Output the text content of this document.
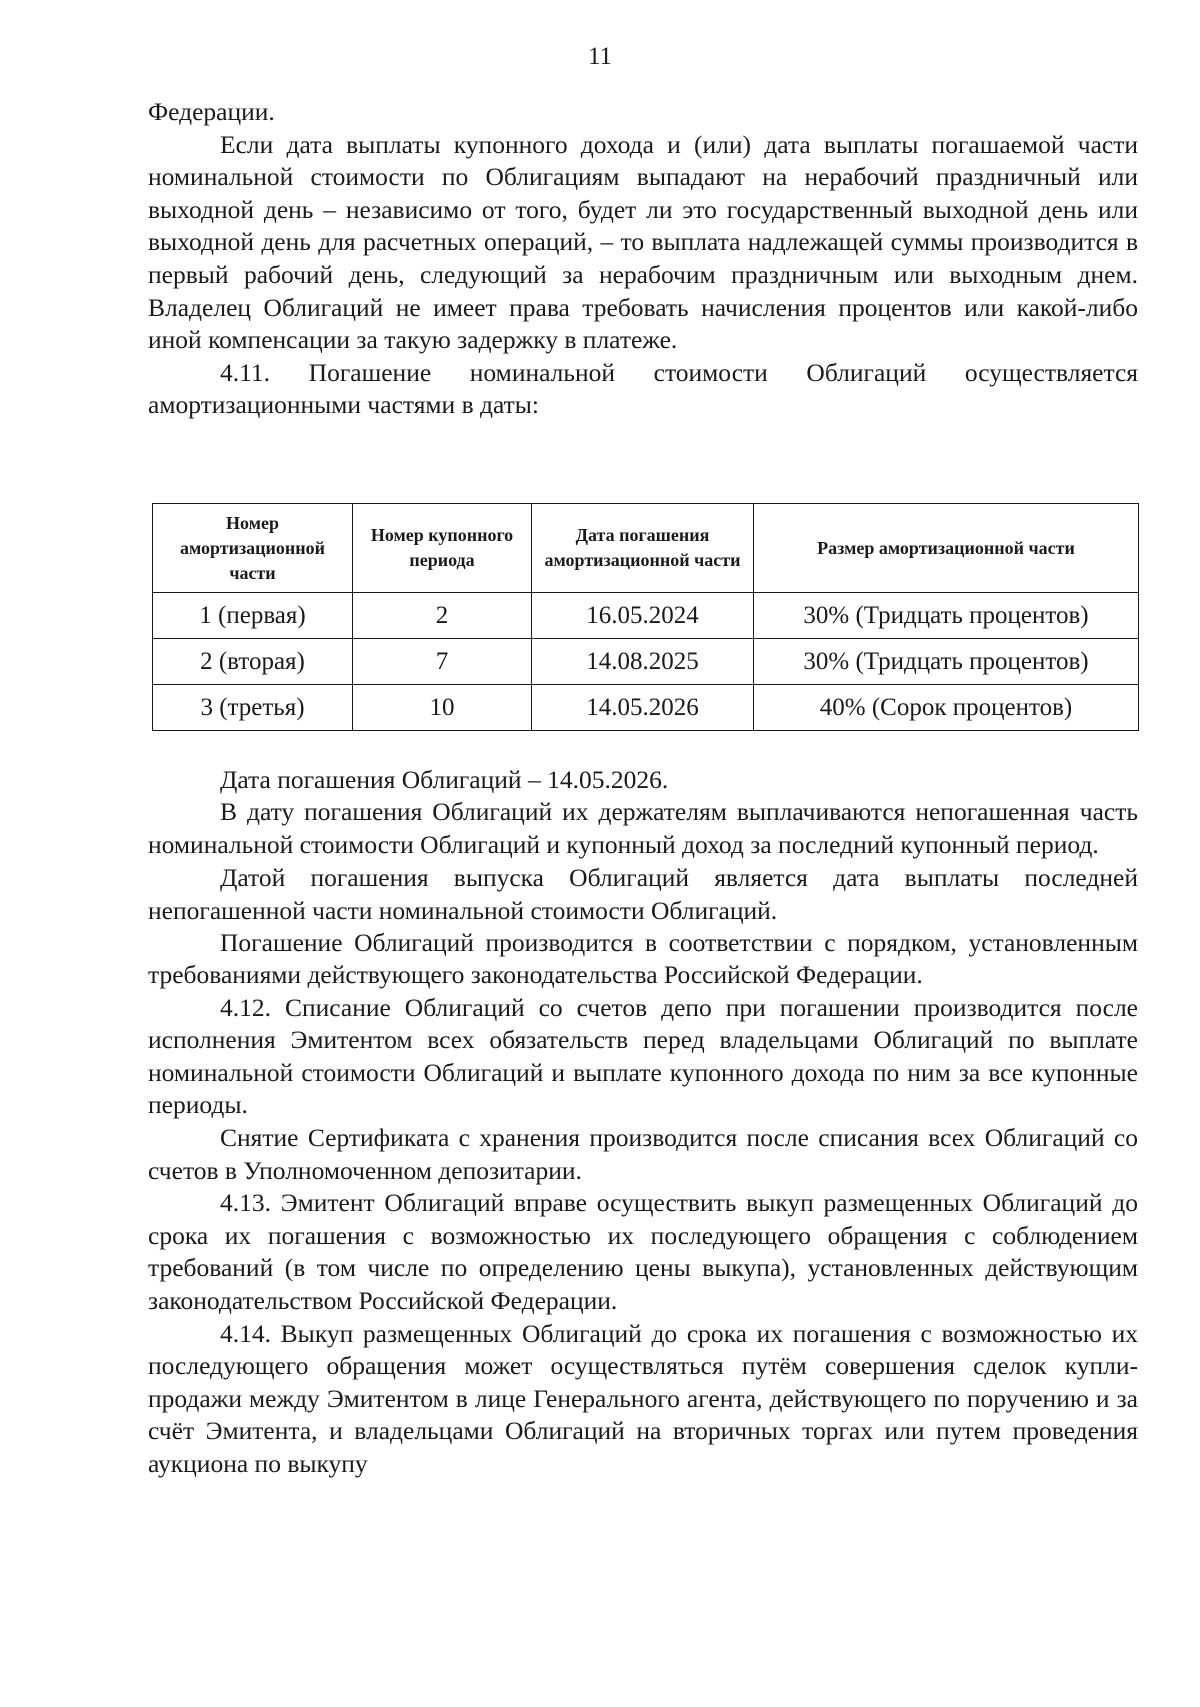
11

Федерации.

Если дата выплаты купонного дохода и (или) дата выплаты погашаемой части номинальной стоимости по Облигациям выпадают на нерабочий праздничный или выходной день – независимо от того, будет ли это государственный выходной день или выходной день для расчетных операций, – то выплата надлежащей суммы производится в первый рабочий день, следующий за нерабочим праздничным или выходным днем. Владелец Облигаций не имеет права требовать начисления процентов или какой-либо иной компенсации за такую задержку в платеже.

4.11. Погашение номинальной стоимости Облигаций осуществляется амортизационными частями в даты:

Номер амортизационной части	Номер купонного периода	Дата погашения амортизационной части	Размер амортизационной части
1 (первая)	2	16.05.2024	30% (Тридцать процентов)
2 (вторая)	7	14.08.2025	30% (Тридцать процентов)
3 (третья)	10	14.05.2026	40% (Сорок процентов)

Дата погашения Облигаций – 14.05.2026.

В дату погашения Облигаций их держателям выплачиваются непогашенная часть номинальной стоимости Облигаций и купонный доход за последний купонный период.

Датой погашения выпуска Облигаций является дата выплаты последней непогашенной части номинальной стоимости Облигаций.

Погашение Облигаций производится в соответствии с порядком, установленным требованиями действующего законодательства Российской Федерации.

4.12. Списание Облигаций со счетов депо при погашении производится после исполнения Эмитентом всех обязательств перед владельцами Облигаций по выплате номинальной стоимости Облигаций и выплате купонного дохода по ним за все купонные периоды.

Снятие Сертификата с хранения производится после списания всех Облигаций со счетов в Уполномоченном депозитарии.

4.13. Эмитент Облигаций вправе осуществить выкуп размещенных Облигаций до срока их погашения с возможностью их последующего обращения с соблюдением требований (в том числе по определению цены выкупа), установленных действующим законодательством Российской Федерации.

4.14. Выкуп размещенных Облигаций до срока их погашения с возможностью их последующего обращения может осуществляться путём совершения сделок купли-продажи между Эмитентом в лице Генерального агента, действующего по поручению и за счёт Эмитента, и владельцами Облигаций на вторичных торгах или путем проведения аукциона по выкупу
